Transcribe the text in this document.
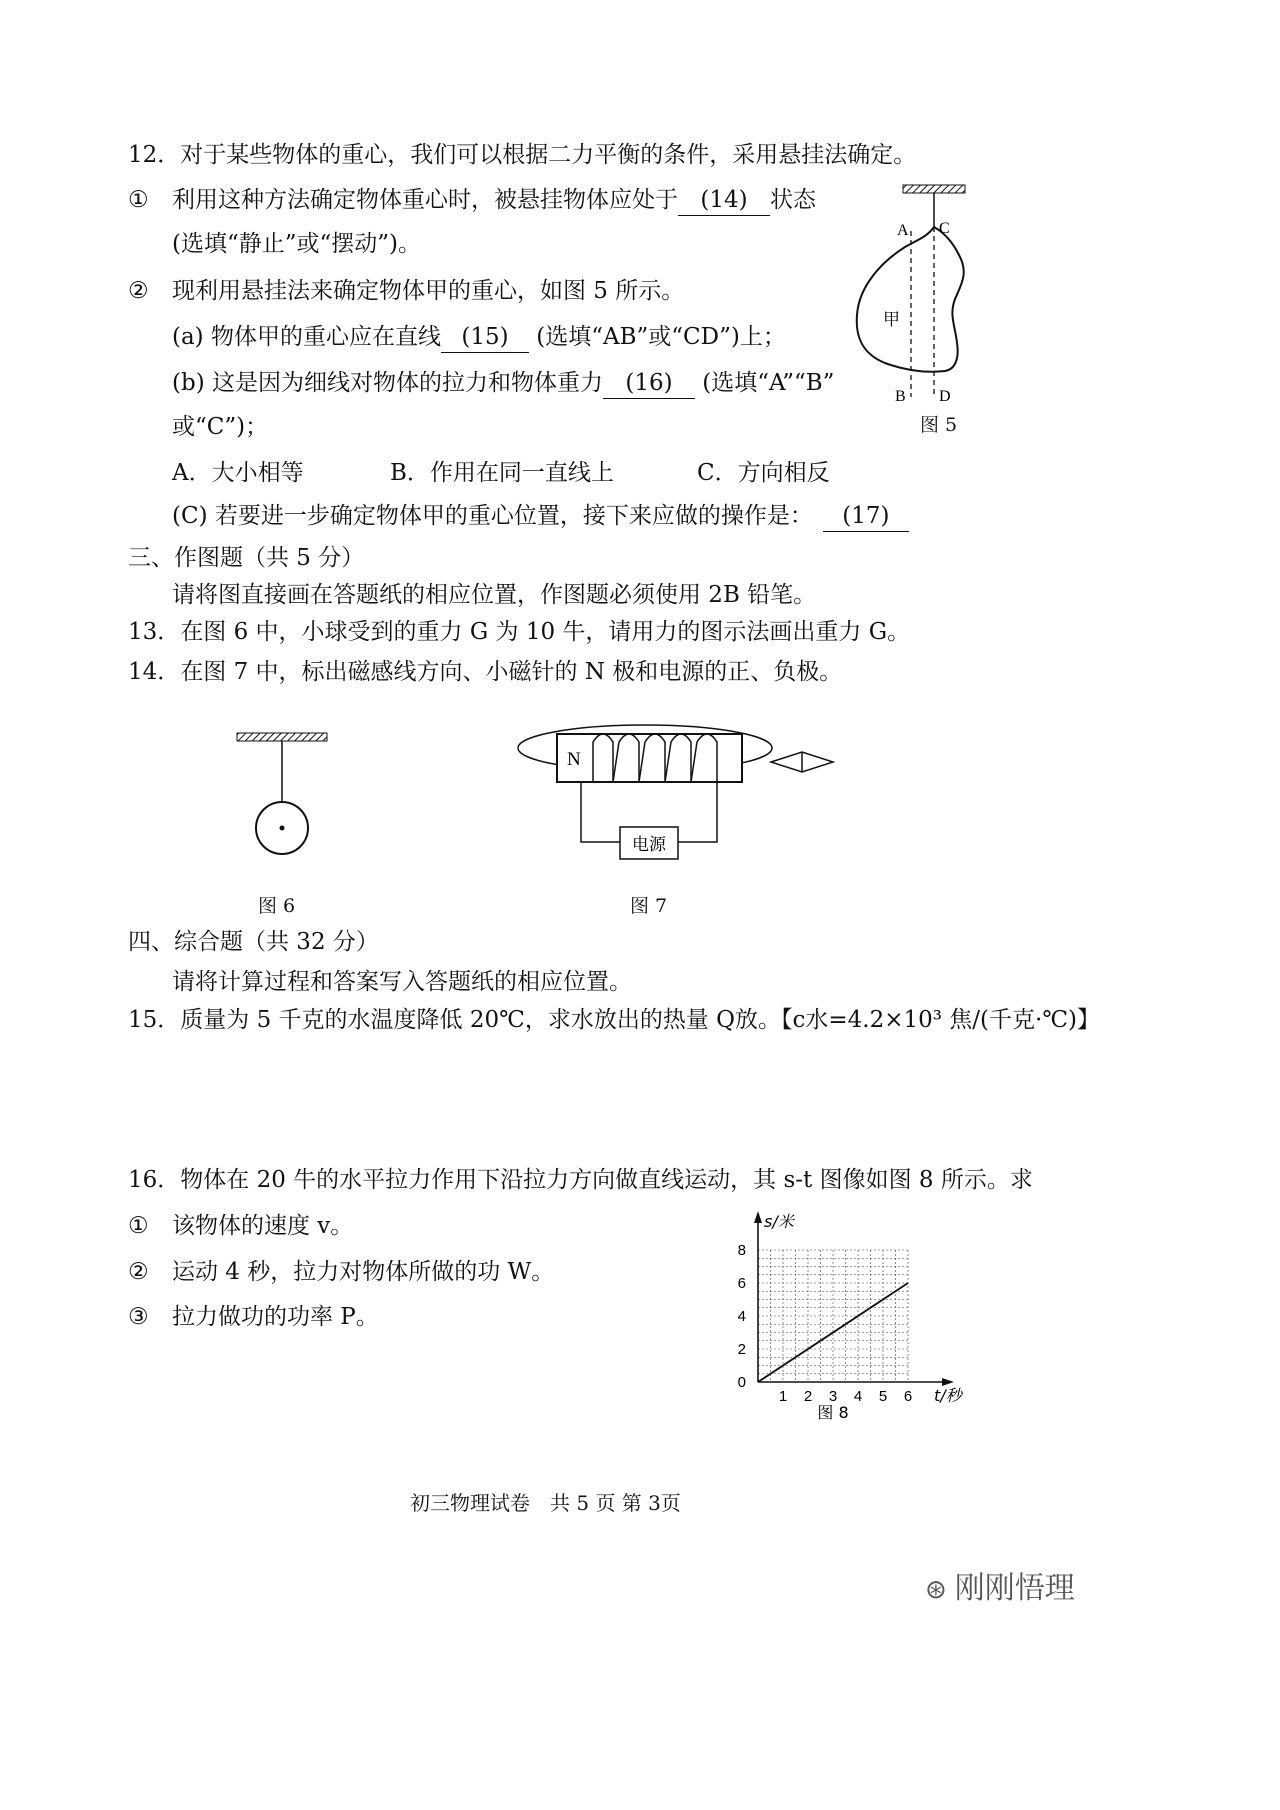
12．对于某些物体的重心，我们可以根据二力平衡的条件，采用悬挂法确定。
① 利用这种方法确定物体重心时，被悬挂物体应处于 (14) 状态
(选填“静止”或“摆动”)。
② 现利用悬挂法来确定物体甲的重心，如图 5 所示。
(a) 物体甲的重心应在直线 (15) (选填“AB”或“CD”)上；
(b) 这是因为细线对物体的拉力和物体重力 (16) (选填“A”“B”
或“C”)；
A．大小相等	B．作用在同一直线上	C．方向相反
(C) 若要进一步确定物体甲的重心位置，接下来应做的操作是： (17)
A C
B D
甲
图 5
三、作图题（共 5 分）
请将图直接画在答题纸的相应位置，作图题必须使用 2B 铅笔。
13．在图 6 中，小球受到的重力 G 为 10 牛，请用力的图示法画出重力 G。
14．在图 7 中，标出磁感线方向、小磁针的 N 极和电源的正、负极。
图 6
N
电源
图 7
四、综合题（共 32 分）
请将计算过程和答案写入答题纸的相应位置。
15．质量为 5 千克的水温度降低 20℃，求水放出的热量 Q放。【c水=4.2×10³ 焦/(千克·℃)】
16．物体在 20 牛的水平拉力作用下沿拉力方向做直线运动，其 s-t 图像如图 8 所示。求
① 该物体的速度 v。
② 运动 4 秒，拉力对物体所做的功 W。
③ 拉力做功的功率 P。
1 2 3 4 5 6
2
4
6
8
0
s/米
t/秒
图 8
初三物理试卷　共 5 页 第 3页
⊛ 刚刚悟理
